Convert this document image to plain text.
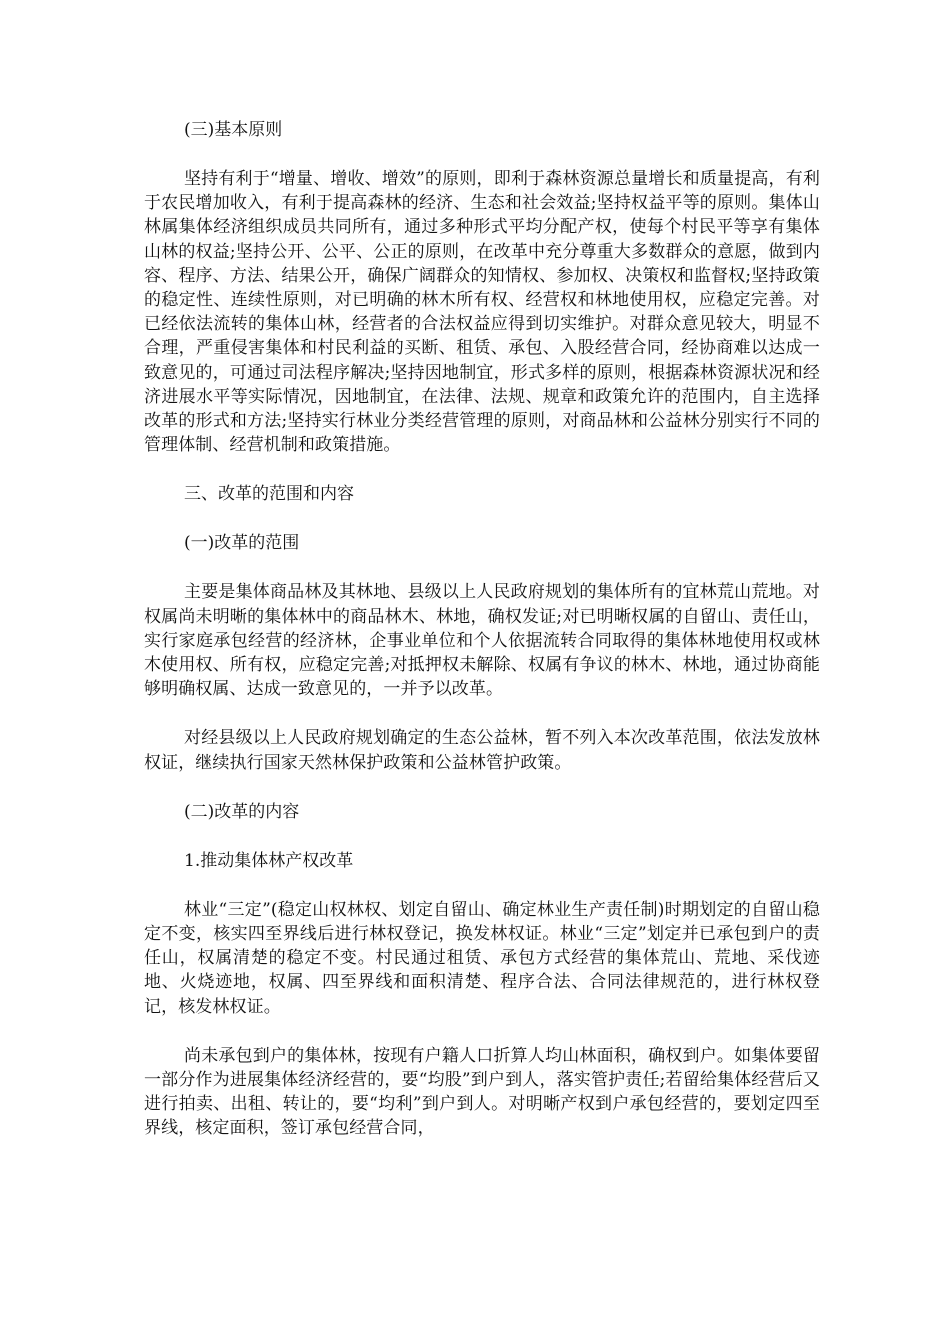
(三)基本原则

坚持有利于“增量、增收、增效”的原则，即利于森林资源总量增长和质量提高，有利于农民增加收入，有利于提高森林的经济、生态和社会效益;坚持权益平等的原则。集体山林属集体经济组织成员共同所有，通过多种形式平均分配产权，使每个村民平等享有集体山林的权益;坚持公开、公平、公正的原则，在改革中充分尊重大多数群众的意愿，做到内容、程序、方法、结果公开，确保广阔群众的知情权、参加权、决策权和监督权;坚持政策的稳定性、连续性原则，对已明确的林木所有权、经营权和林地使用权，应稳定完善。对已经依法流转的集体山林，经营者的合法权益应得到切实维护。对群众意见较大，明显不合理，严重侵害集体和村民利益的买断、租赁、承包、入股经营合同，经协商难以达成一致意见的，可通过司法程序解决;坚持因地制宜，形式多样的原则，根据森林资源状况和经济进展水平等实际情况，因地制宜，在法律、法规、规章和政策允许的范围内，自主选择改革的形式和方法;坚持实行林业分类经营管理的原则，对商品林和公益林分别实行不同的管理体制、经营机制和政策措施。

三、改革的范围和内容
(一)改革的范围

主要是集体商品林及其林地、县级以上人民政府规划的集体所有的宜林荒山荒地。对权属尚未明晰的集体林中的商品林木、林地，确权发证;对已明晰权属的自留山、责任山，实行家庭承包经营的经济林，企事业单位和个人依据流转合同取得的集体林地使用权或林木使用权、所有权，应稳定完善;对抵押权未解除、权属有争议的林木、林地，通过协商能够明确权属、达成一致意见的，一并予以改革。

对经县级以上人民政府规划确定的生态公益林，暂不列入本次改革范围，依法发放林权证，继续执行国家天然林保护政策和公益林管护政策。

(二)改革的内容
1.推动集体林产权改革

林业“三定”(稳定山权林权、划定自留山、确定林业生产责任制)时期划定的自留山稳定不变，核实四至界线后进行林权登记，换发林权证。林业“三定”划定并已承包到户的责任山，权属清楚的稳定不变。村民通过租赁、承包方式经营的集体荒山、荒地、采伐迹地、火烧迹地，权属、四至界线和面积清楚、程序合法、合同法律规范的，进行林权登记，核发林权证。

尚未承包到户的集体林，按现有户籍人口折算人均山林面积，确权到户。如集体要留一部分作为进展集体经济经营的，要“均股”到户到人，落实管护责任;若留给集体经营后又进行拍卖、出租、转让的，要“均利”到户到人。对明晰产权到户承包经营的，要划定四至界线，核定面积，签订承包经营合同，
